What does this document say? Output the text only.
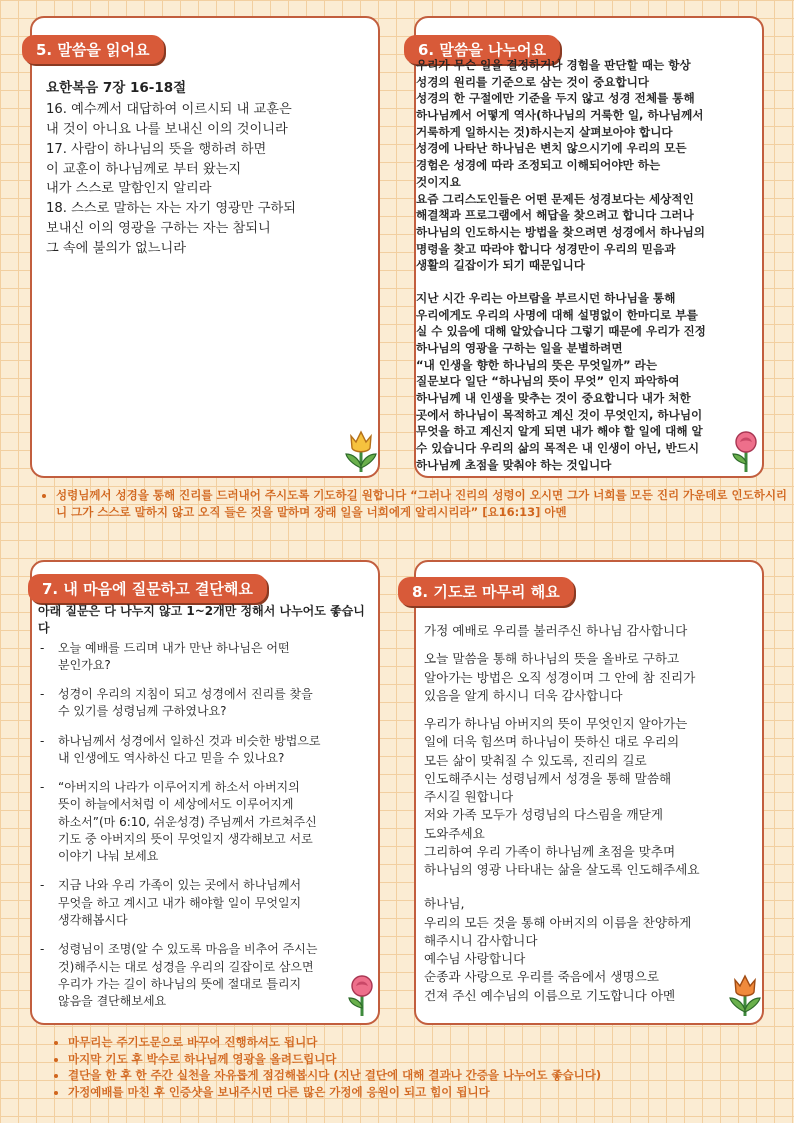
5. 말씀을 읽어요

요한복음 7장 16-18절

16. 예수께서 대답하여 이르시되 내 교훈은

내 것이 아니요 나를 보내신 이의 것이니라

17. 사람이 하나님의 뜻을 행하려 하면

이 교훈이 하나님께로 부터 왔는지

내가 스스로 말함인지 알리라

18. 스스로 말하는 자는 자기 영광만 구하되

보내신 이의 영광을 구하는 자는 참되니

그 속에 불의가 없느니라

6. 말씀을 나누어요

우리가 무슨 일을 결정하거나 경험을 판단할 때는 항상

성경의 원리를 기준으로 삼는 것이 중요합니다

성경의 한 구절에만 기준을 두지 않고 성경 전체를 통해

하나님께서 어떻게 역사(하나님의 거룩한 일, 하나님께서

거룩하게 일하시는 것)하시는지 살펴보아야 합니다

성경에 나타난 하나님은 변치 않으시기에 우리의 모든

경험은 성경에 따라 조정되고 이해되어야만 하는

것이지요

요즘 그리스도인들은 어떤 문제든 성경보다는 세상적인

해결책과 프로그램에서 해답을 찾으려고 합니다 그러나

하나님의 인도하시는 방법을 찾으려면 성경에서 하나님의

명령을 찾고 따라야 합니다 성경만이 우리의 믿음과

생활의 길잡이가 되기 때문입니다

지난 시간 우리는 아브람을 부르시던 하나님을 통해

우리에게도 우리의 사명에 대해 설명없이 한마디로 부를

실 수 있음에 대해 알았습니다 그렇기 때문에 우리가 진정

하나님의 영광을 구하는 일을 분별하려면

“내 인생을 향한 하나님의 뜻은 무엇일까” 라는

질문보다 일단 “하나님의 뜻이 무엇” 인지 파악하여

하나님께 내 인생을 맞추는 것이 중요합니다 내가 처한

곳에서 하나님이 목적하고 계신 것이 무엇인지, 하나님이

무엇을 하고 계신지 알게 되면 내가 해야 할 일에 대해 알

수 있습니다 우리의 삶의 목적은 내 인생이 아닌, 반드시

하나님께 초점을 맞춰야 하는 것입니다

• 성령님께서 성경을 통해 진리를 드러내어 주시도록 기도하길 원합니다 “그러나 진리의 성령이 오시면 그가 너희를 모든 진리 가운데로 인도하시리니 그가 스스로 말하지 않고 오직 들은 것을 말하며 장래 일을 너희에게 알리시리라” [요16:13] 아멘
7. 내 마음에 질문하고 결단해요

아래 질문은 다 나누지 않고 1~2개만 정해서 나누어도 좋습니다

- 오늘 예배를 드리며 내가 만난 하나님은 어떤
분인가요?
- 성경이 우리의 지침이 되고 성경에서 진리를 찾을
수 있기를 성령님께 구하였나요?
- 하나님께서 성경에서 일하신 것과 비슷한 방법으로
내 인생에도 역사하신 다고 믿을 수 있나요?
- “아버지의 나라가 이루어지게 하소서 아버지의
뜻이 하늘에서처럼 이 세상에서도 이루어지게
하소서”(마 6:10, 쉬운성경) 주님께서 가르쳐주신
기도 중 아버지의 뜻이 무엇일지 생각해보고 서로
이야기 나눠 보세요
- 지금 나와 우리 가족이 있는 곳에서 하나님께서
무엇을 하고 계시고 내가 해야할 일이 무엇일지
생각해봅시다
- 성령님이 조명(알 수 있도록 마음을 비추어 주시는
것)해주시는 대로 성경을 우리의 길잡이로 삼으면
우리가 가는 길이 하나님의 뜻에 절대로 틀리지
않음을 결단해보세요
8. 기도로 마무리 해요

가정 예배로 우리를 불러주신 하나님 감사합니다

오늘 말씀을 통해 하나님의 뜻을 올바로 구하고

알아가는 방법은 오직 성경이며 그 안에 참 진리가

있음을 알게 하시니 더욱 감사합니다

우리가 하나님 아버지의 뜻이 무엇인지 알아가는

일에 더욱 힘쓰며 하나님이 뜻하신 대로 우리의

모든 삶이 맞춰질 수 있도록, 진리의 길로

인도해주시는 성령님께서 성경을 통해 말씀해

주시길 원합니다

저와 가족 모두가 성령님의 다스림을 깨닫게

도와주세요

그리하여 우리 가족이 하나님께 초점을 맞추며

하나님의 영광 나타내는 삶을 살도록 인도해주세요

하나님,

우리의 모든 것을 통해 아버지의 이름을 찬양하게

해주시니 감사합니다

예수님 사랑합니다

순종과 사랑으로 우리를 죽음에서 생명으로

건져 주신 예수님의 이름으로 기도합니다 아멘

• 마무리는 주기도문으로 바꾸어 진행하셔도 됩니다
• 마지막 기도 후 박수로 하나님께 영광을 올려드립니다
• 결단을 한 후 한 주간 실천을 자유롭게 점검해봅시다 (지난 결단에 대해 결과나 간증을 나누어도 좋습니다)
• 가정예배를 마친 후 인증샷을 보내주시면 다른 많은 가정에 응원이 되고 힘이 됩니다
